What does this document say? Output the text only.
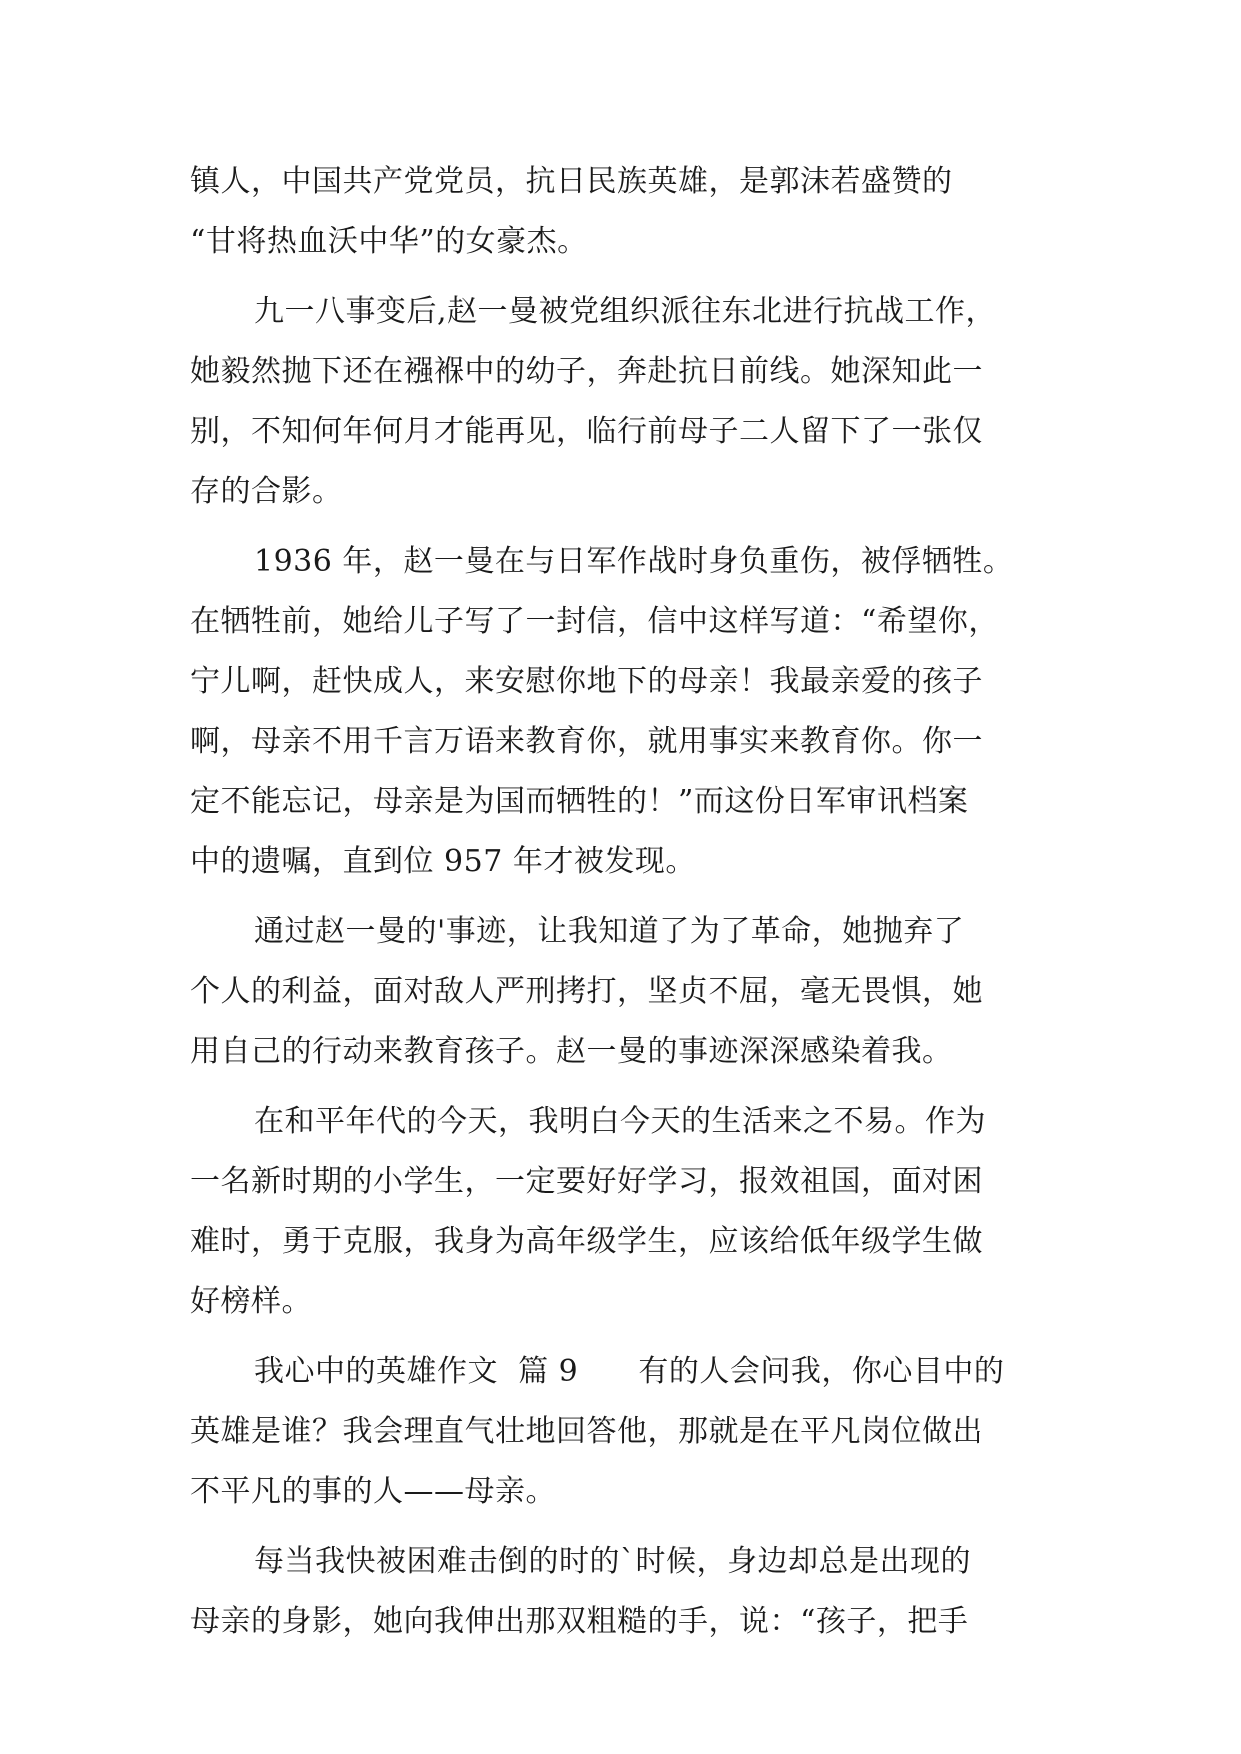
镇人，中国共产党党员，抗日民族英雄，是郭沫若盛赞的
“甘将热血沃中华”的女豪杰。
九一八事变后,赵一曼被党组织派往东北进行抗战工作，
她毅然抛下还在襁褓中的幼子，奔赴抗日前线。她深知此一
别，不知何年何月才能再见，临行前母子二人留下了一张仅
存的合影。
1936 年，赵一曼在与日军作战时身负重伤，被俘牺牲。
在牺牲前，她给儿子写了一封信，信中这样写道：“希望你，
宁儿啊，赶快成人，来安慰你地下的母亲！我最亲爱的孩子
啊，母亲不用千言万语来教育你，就用事实来教育你。你一
定不能忘记，母亲是为国而牺牲的！”而这份日军审讯档案
中的遗嘱，直到位 957 年才被发现。
通过赵一曼的'事迹，让我知道了为了革命，她抛弃了
个人的利益，面对敌人严刑拷打，坚贞不屈，毫无畏惧，她
用自己的行动来教育孩子。赵一曼的事迹深深感染着我。
在和平年代的今天，我明白今天的生活来之不易。作为
一名新时期的小学生，一定要好好学习，报效祖国，面对困
难时，勇于克服，我身为高年级学生，应该给低年级学生做
好榜样。
我心中的英雄作文  篇 9      有的人会问我，你心目中的
英雄是谁？我会理直气壮地回答他，那就是在平凡岗位做出
不平凡的事的人——母亲。
每当我快被困难击倒的时的`时候，身边却总是出现的
母亲的身影，她向我伸出那双粗糙的手，说：“孩子，把手
